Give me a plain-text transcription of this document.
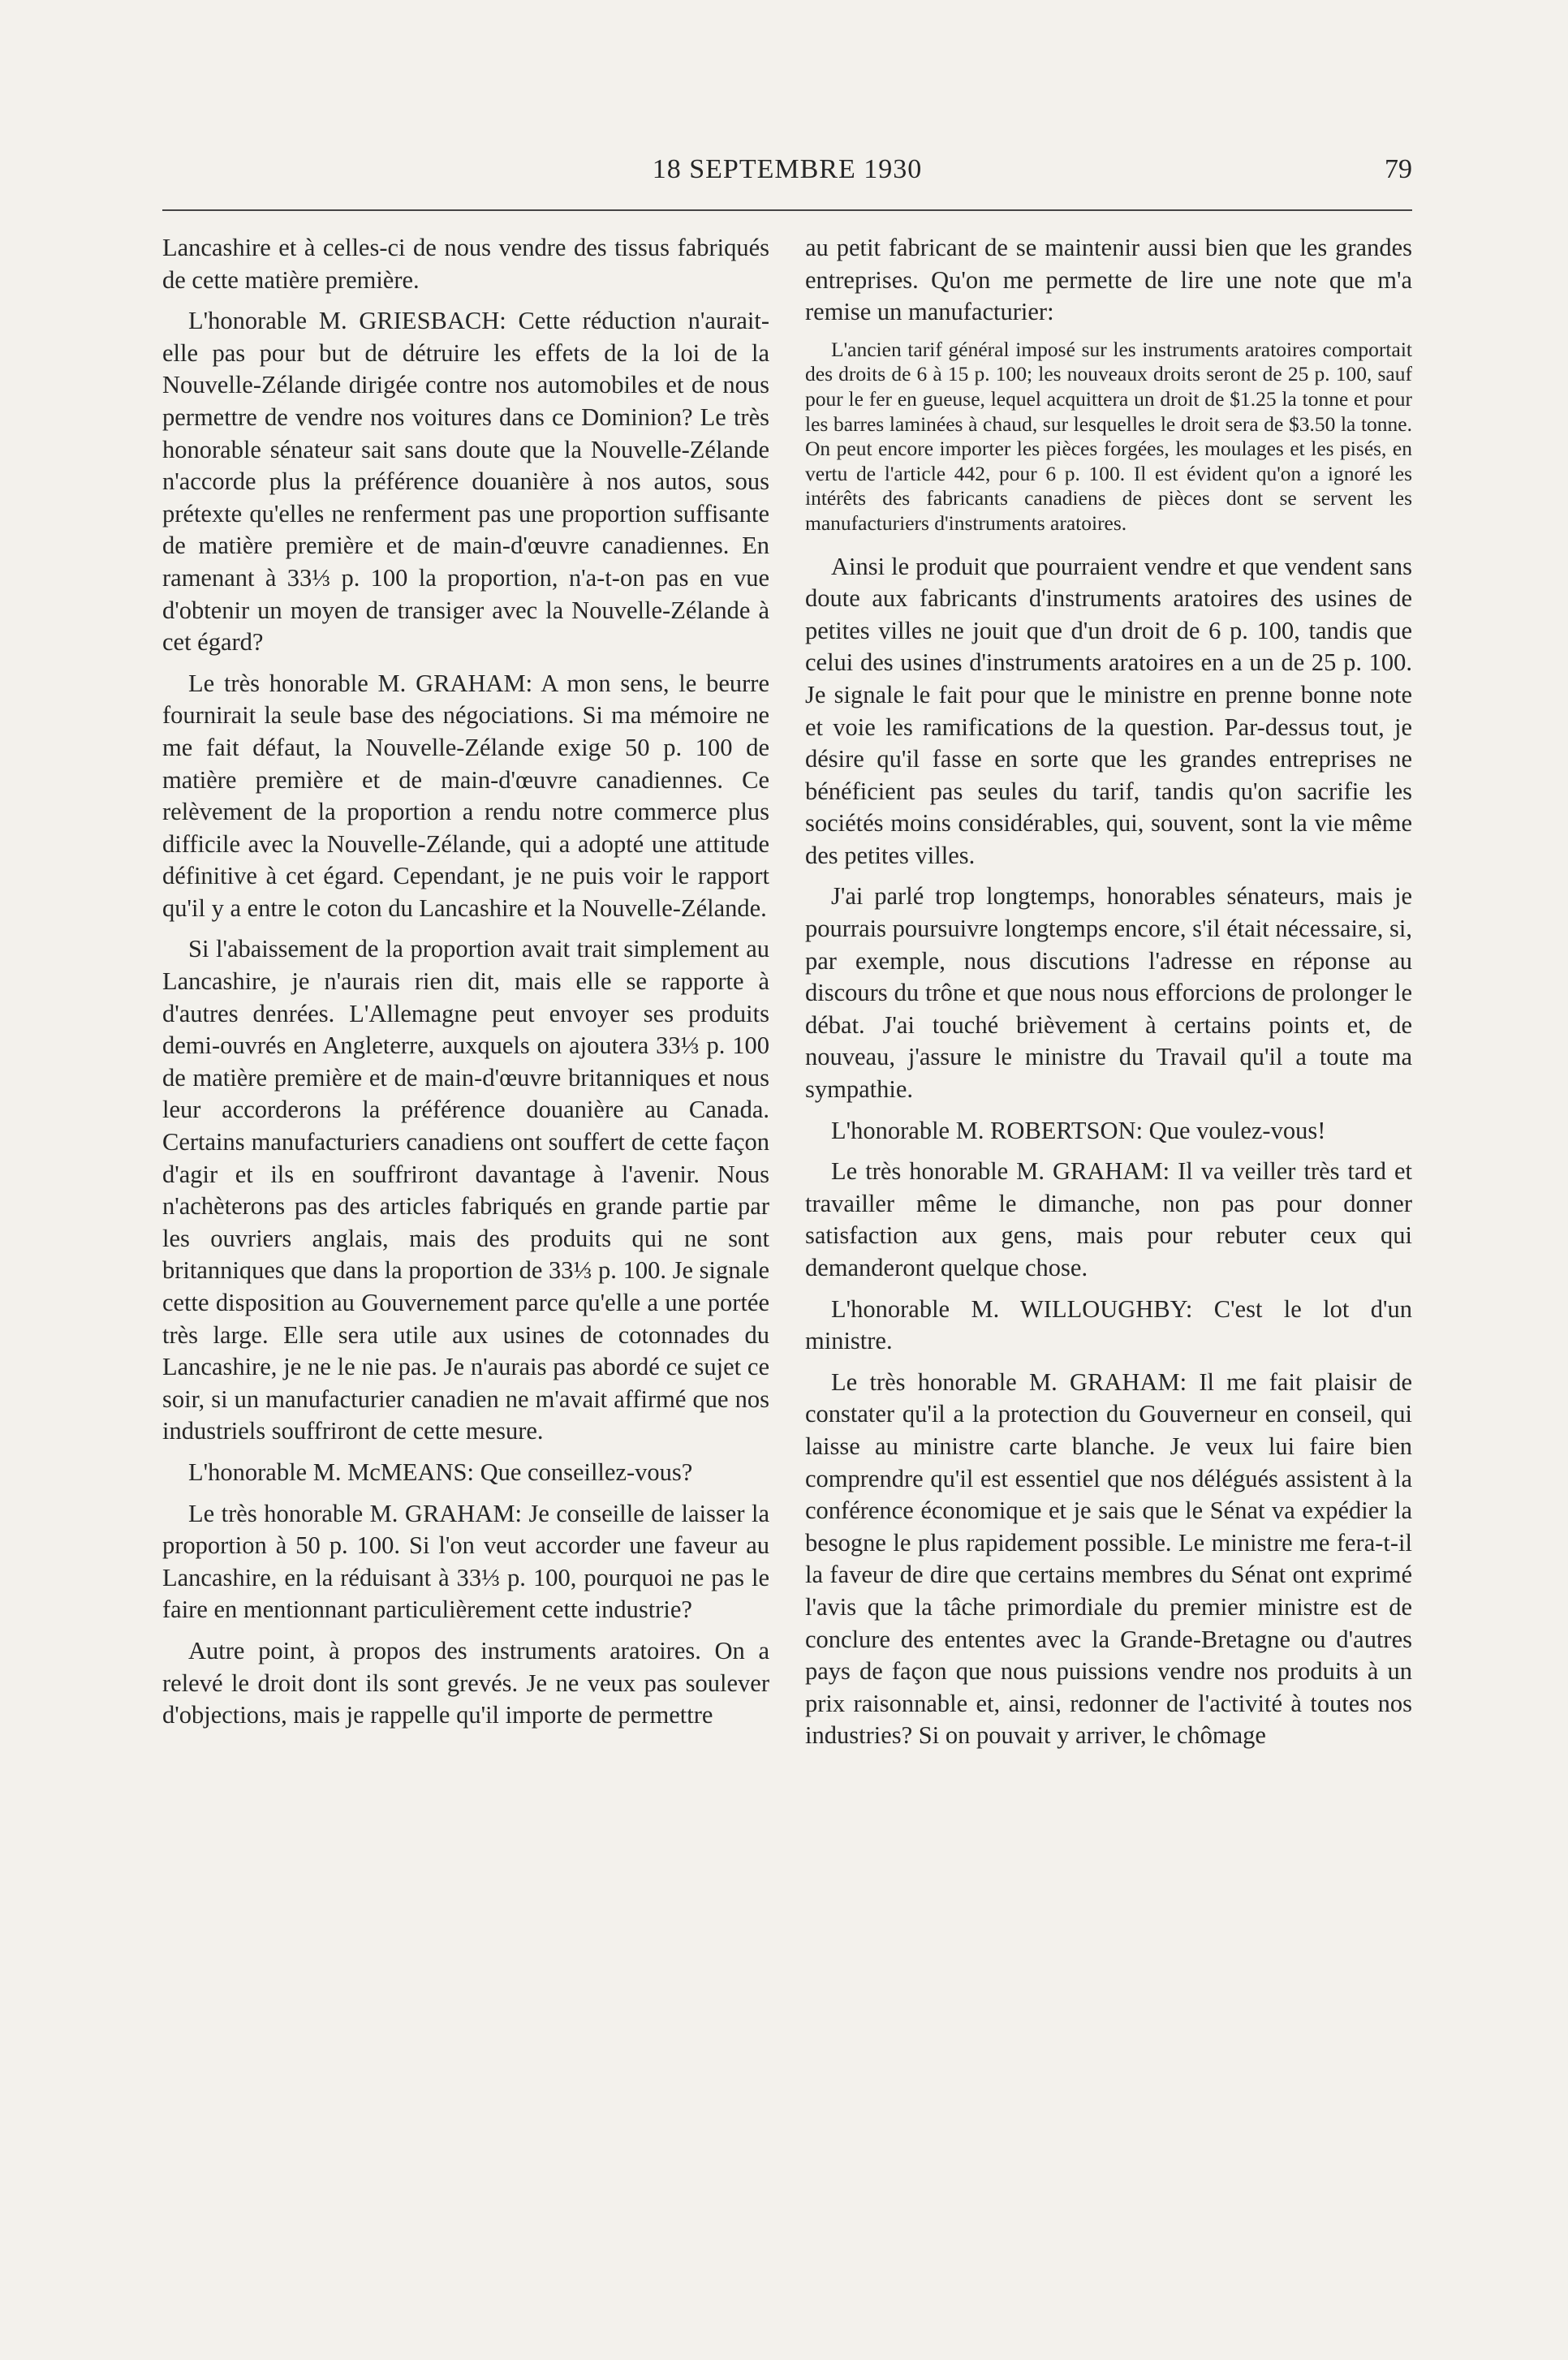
18 SEPTEMBRE 1930	79

Lancashire et à celles-ci de nous vendre des tissus fabriqués de cette matière première.

L'honorable M. GRIESBACH: Cette réduction n'aurait-elle pas pour but de détruire les effets de la loi de la Nouvelle-Zélande dirigée contre nos automobiles et de nous permettre de vendre nos voitures dans ce Dominion? Le très honorable sénateur sait sans doute que la Nouvelle-Zélande n'accorde plus la préférence douanière à nos autos, sous prétexte qu'elles ne renferment pas une proportion suffisante de matière première et de main-d'œuvre canadiennes. En ramenant à 33⅓ p. 100 la proportion, n'a-t-on pas en vue d'obtenir un moyen de transiger avec la Nouvelle-Zélande à cet égard?

Le très honorable M. GRAHAM: A mon sens, le beurre fournirait la seule base des négociations. Si ma mémoire ne me fait défaut, la Nouvelle-Zélande exige 50 p. 100 de matière première et de main-d'œuvre canadiennes. Ce relèvement de la proportion a rendu notre commerce plus difficile avec la Nouvelle-Zélande, qui a adopté une attitude définitive à cet égard. Cependant, je ne puis voir le rapport qu'il y a entre le coton du Lancashire et la Nouvelle-Zélande.

Si l'abaissement de la proportion avait trait simplement au Lancashire, je n'aurais rien dit, mais elle se rapporte à d'autres denrées. L'Allemagne peut envoyer ses produits demi-ouvrés en Angleterre, auxquels on ajoutera 33⅓ p. 100 de matière première et de main-d'œuvre britanniques et nous leur accorderons la préférence douanière au Canada. Certains manufacturiers canadiens ont souffert de cette façon d'agir et ils en souffriront davantage à l'avenir. Nous n'achèterons pas des articles fabriqués en grande partie par les ouvriers anglais, mais des produits qui ne sont britanniques que dans la proportion de 33⅓ p. 100. Je signale cette disposition au Gouvernement parce qu'elle a une portée très large. Elle sera utile aux usines de cotonnades du Lancashire, je ne le nie pas. Je n'aurais pas abordé ce sujet ce soir, si un manufacturier canadien ne m'avait affirmé que nos industriels souffriront de cette mesure.

L'honorable M. McMEANS: Que conseillez-vous?

Le très honorable M. GRAHAM: Je conseille de laisser la proportion à 50 p. 100. Si l'on veut accorder une faveur au Lancashire, en la réduisant à 33⅓ p. 100, pourquoi ne pas le faire en mentionnant particulièrement cette industrie?

Autre point, à propos des instruments aratoires. On a relevé le droit dont ils sont grevés. Je ne veux pas soulever d'objections, mais je rappelle qu'il importe de permettre

au petit fabricant de se maintenir aussi bien que les grandes entreprises. Qu'on me permette de lire une note que m'a remise un manufacturier:

L'ancien tarif général imposé sur les instruments aratoires comportait des droits de 6 à 15 p. 100; les nouveaux droits seront de 25 p. 100, sauf pour le fer en gueuse, lequel acquittera un droit de $1.25 la tonne et pour les barres laminées à chaud, sur lesquelles le droit sera de $3.50 la tonne. On peut encore importer les pièces forgées, les moulages et les pisés, en vertu de l'article 442, pour 6 p. 100. Il est évident qu'on a ignoré les intérêts des fabricants canadiens de pièces dont se servent les manufacturiers d'instruments aratoires.

Ainsi le produit que pourraient vendre et que vendent sans doute aux fabricants d'instruments aratoires des usines de petites villes ne jouit que d'un droit de 6 p. 100, tandis que celui des usines d'instruments aratoires en a un de 25 p. 100. Je signale le fait pour que le ministre en prenne bonne note et voie les ramifications de la question. Par-dessus tout, je désire qu'il fasse en sorte que les grandes entreprises ne bénéficient pas seules du tarif, tandis qu'on sacrifie les sociétés moins considérables, qui, souvent, sont la vie même des petites villes.

J'ai parlé trop longtemps, honorables sénateurs, mais je pourrais poursuivre longtemps encore, s'il était nécessaire, si, par exemple, nous discutions l'adresse en réponse au discours du trône et que nous nous efforcions de prolonger le débat. J'ai touché brièvement à certains points et, de nouveau, j'assure le ministre du Travail qu'il a toute ma sympathie.

L'honorable M. ROBERTSON: Que voulez-vous!

Le très honorable M. GRAHAM: Il va veiller très tard et travailler même le dimanche, non pas pour donner satisfaction aux gens, mais pour rebuter ceux qui demanderont quelque chose.

L'honorable M. WILLOUGHBY: C'est le lot d'un ministre.

Le très honorable M. GRAHAM: Il me fait plaisir de constater qu'il a la protection du Gouverneur en conseil, qui laisse au ministre carte blanche. Je veux lui faire bien comprendre qu'il est essentiel que nos délégués assistent à la conférence économique et je sais que le Sénat va expédier la besogne le plus rapidement possible. Le ministre me fera-t-il la faveur de dire que certains membres du Sénat ont exprimé l'avis que la tâche primordiale du premier ministre est de conclure des ententes avec la Grande-Bretagne ou d'autres pays de façon que nous puissions vendre nos produits à un prix raisonnable et, ainsi, redonner de l'activité à toutes nos industries? Si on pouvait y arriver, le chômage
